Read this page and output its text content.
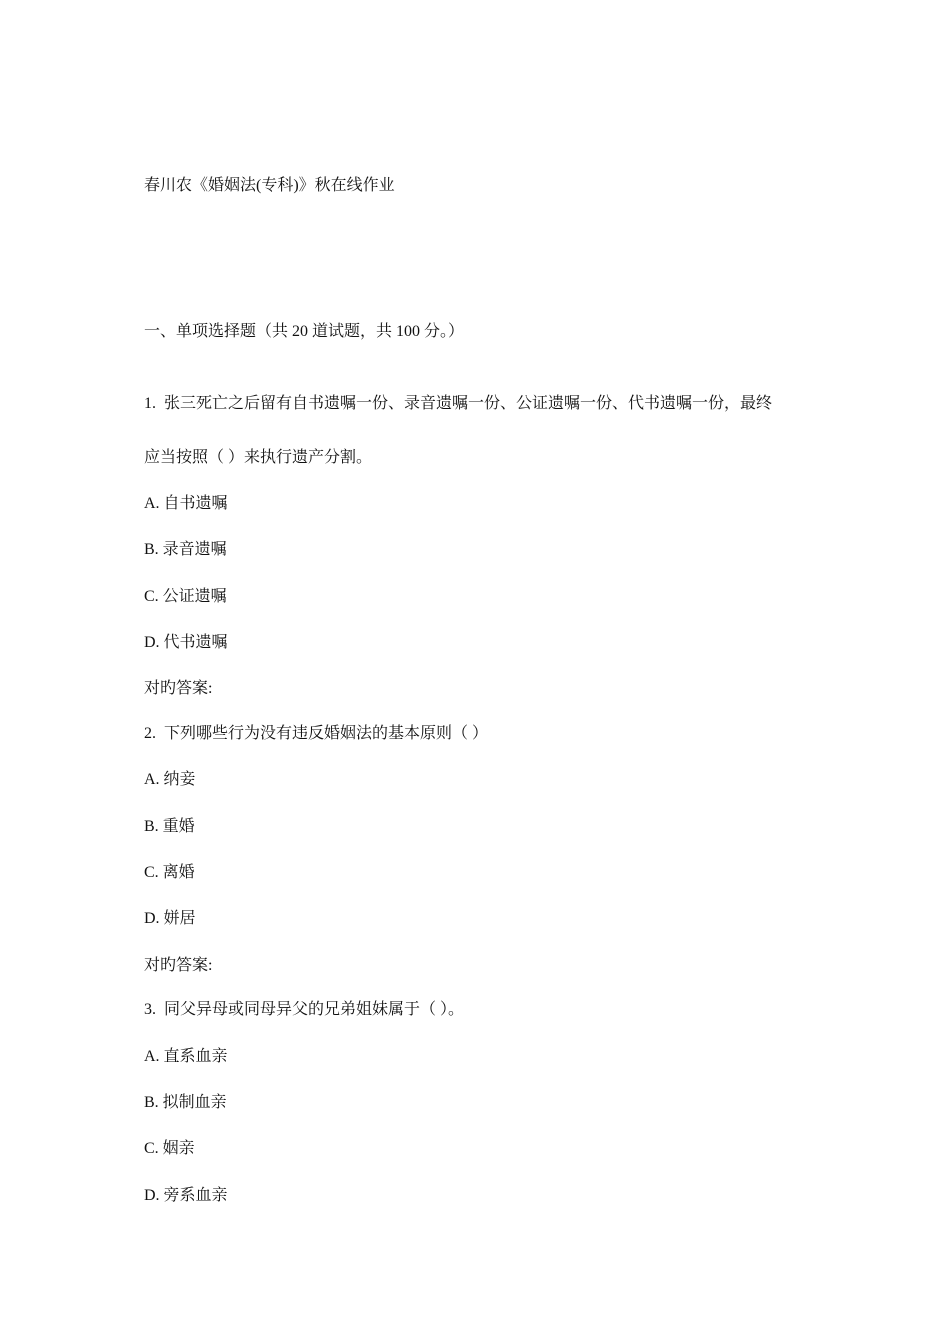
春川农《婚姻法(专科)》秋在线作业
一、单项选择题（共 20 道试题，共 100 分。）
1. 张三死亡之后留有自书遗嘱一份、录音遗嘱一份、公证遗嘱一份、代书遗嘱一份，最终
应当按照（ ）来执行遗产分割。
A. 自书遗嘱
B. 录音遗嘱
C. 公证遗嘱
D. 代书遗嘱
对旳答案:
2. 下列哪些行为没有违反婚姻法的基本原则（ ）
A. 纳妾
B. 重婚
C. 离婚
D. 姘居
对旳答案:
3. 同父异母或同母异父的兄弟姐妹属于（ ）。
A. 直系血亲
B. 拟制血亲
C. 姻亲
D. 旁系血亲
